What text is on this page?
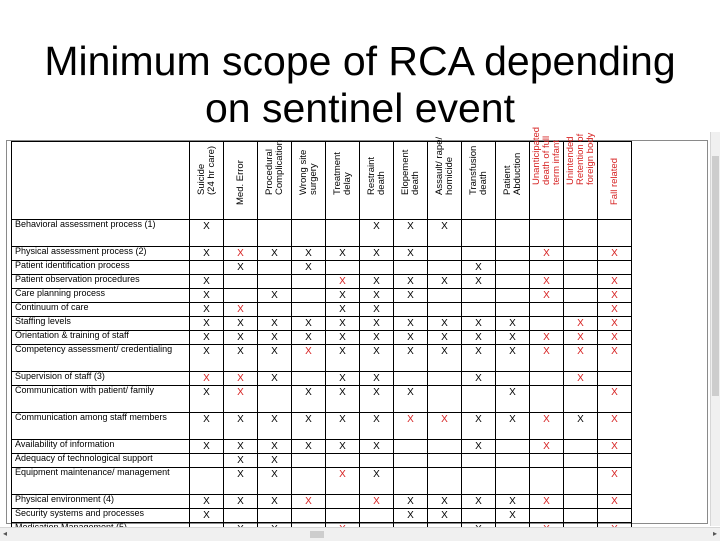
Minimum scope of RCA depending
on sentinel event

	Suicide
(24 hr care)	Med. Error	Procedural
Complication	Wrong site
surgery	Treatment
delay	Restraint
death	Elopement
death	Assault/ rape/
homicide	Transfusion
death	Patient
Abduction	Unanticipated
death of full
term infant	Unintended
Retention of
foreign body	Fall related

Behavioral assessment process (1)	X					X	X	X					

Physical assessment process (2)	X	X	X	X	X	X	X				X		X

Patient identification process		X		X					X				

Patient observation procedures	X				X	X	X	X	X		X		X

Care planning process	X		X		X	X	X				X		X

Continuum of care	X	X			X	X							X

Staffing levels	X	X	X	X	X	X	X	X	X	X		X	X

Orientation & training of staff	X	X	X	X	X	X	X	X	X	X	X	X	X

Competency assessment/ credentialing	X	X	X	X	X	X	X	X	X	X	X	X	X

Supervision of staff (3)	X	X	X		X	X			X			X	

Communication with patient/ family	X	X		X	X	X	X			X			X

Communication among staff members	X	X	X	X	X	X	X	X	X	X	X	X	X

Availability of information	X	X	X	X	X	X			X		X		X

Adequacy of technological support		X	X										

Equipment maintenance/ management		X	X		X	X							X

Physical environment (4)	X	X	X	X		X	X	X	X	X	X		X

Security systems and processes	X						X	X		X			

◂	▸
